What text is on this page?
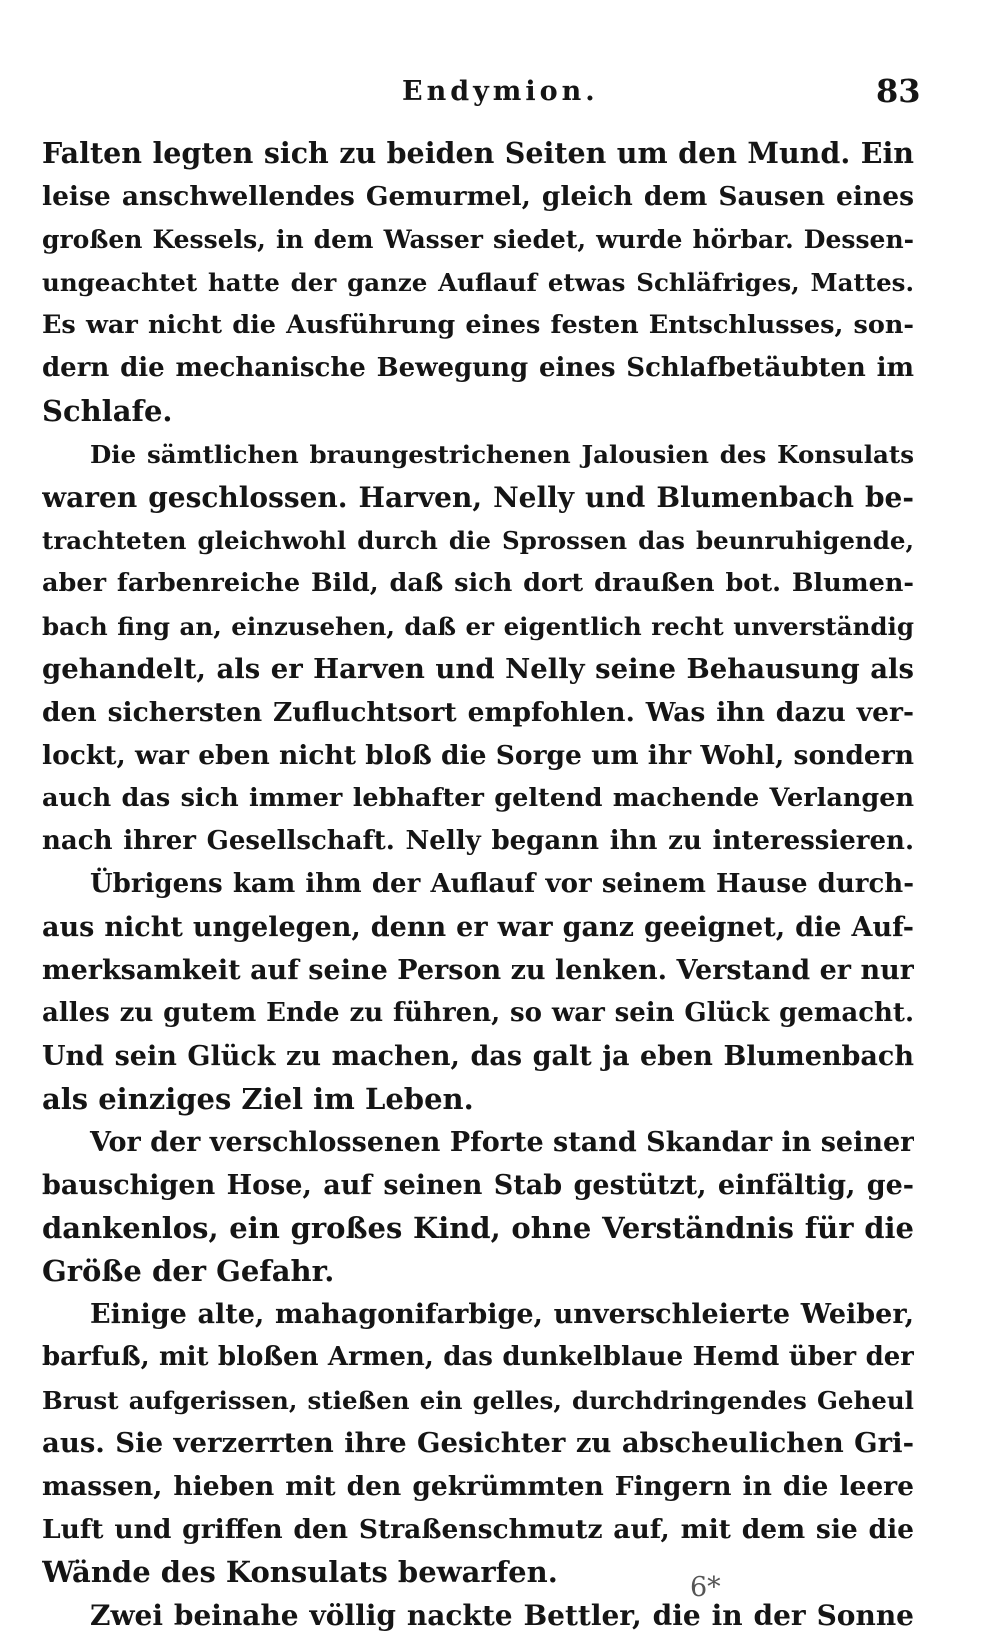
Endymion.	83
Falten legten sich zu beiden Seiten um den Mund. Ein
leise anschwellendes Gemurmel, gleich dem Sausen eines
großen Kessels, in dem Wasser siedet, wurde hörbar. Dessen-
ungeachtet hatte der ganze Auflauf etwas Schläfriges, Mattes.
Es war nicht die Ausführung eines festen Entschlusses, son-
dern die mechanische Bewegung eines Schlafbetäubten im
Schlafe.
Die sämtlichen braungestrichenen Jalousien des Konsulats
waren geschlossen. Harven, Nelly und Blumenbach be-
trachteten gleichwohl durch die Sprossen das beunruhigende,
aber farbenreiche Bild, daß sich dort draußen bot. Blumen-
bach fing an, einzusehen, daß er eigentlich recht unverständig
gehandelt, als er Harven und Nelly seine Behausung als
den sichersten Zufluchtsort empfohlen. Was ihn dazu ver-
lockt, war eben nicht bloß die Sorge um ihr Wohl, sondern
auch das sich immer lebhafter geltend machende Verlangen
nach ihrer Gesellschaft. Nelly begann ihn zu interessieren.
Übrigens kam ihm der Auflauf vor seinem Hause durch-
aus nicht ungelegen, denn er war ganz geeignet, die Auf-
merksamkeit auf seine Person zu lenken. Verstand er nur
alles zu gutem Ende zu führen, so war sein Glück gemacht.
Und sein Glück zu machen, das galt ja eben Blumenbach
als einziges Ziel im Leben.
Vor der verschlossenen Pforte stand Skandar in seiner
bauschigen Hose, auf seinen Stab gestützt, einfältig, ge-
dankenlos, ein großes Kind, ohne Verständnis für die
Größe der Gefahr.
Einige alte, mahagonifarbige, unverschleierte Weiber,
barfuß, mit bloßen Armen, das dunkelblaue Hemd über der
Brust aufgerissen, stießen ein gelles, durchdringendes Geheul
aus. Sie verzerrten ihre Gesichter zu abscheulichen Gri-
massen, hieben mit den gekrümmten Fingern in die leere
Luft und griffen den Straßenschmutz auf, mit dem sie die
Wände des Konsulats bewarfen.
Zwei beinahe völlig nackte Bettler, die in der Sonne
6*
